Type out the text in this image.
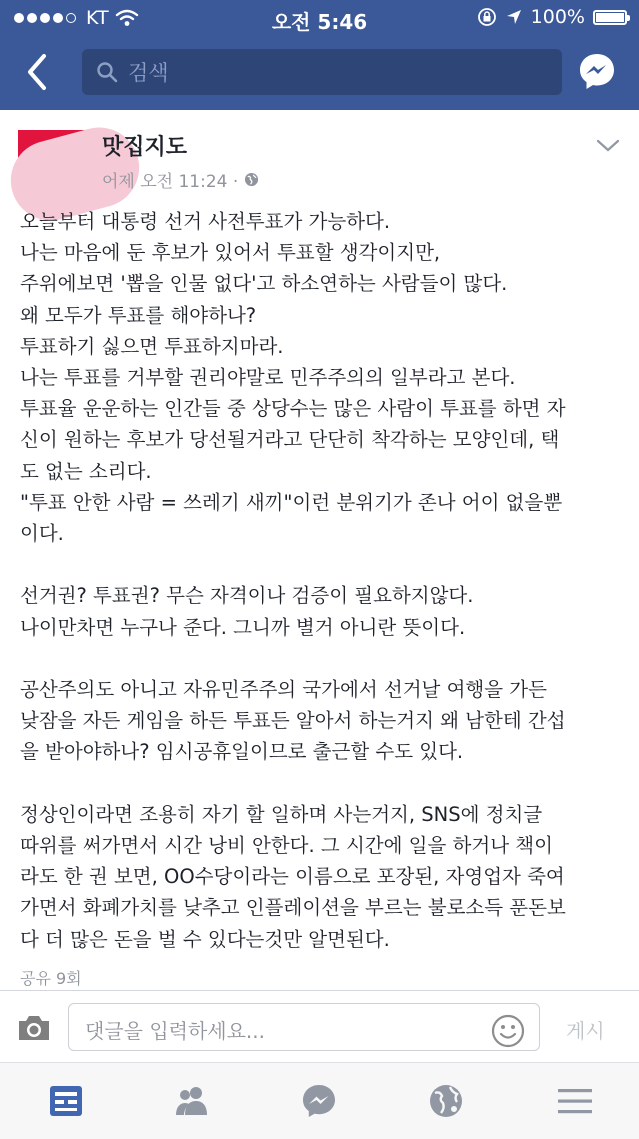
KT	오전 5:46	100%
검색
맛집지도
어제 오전 11:24 ·

오늘부터 대통령 선거 사전투표가 가능하다.

나는 마음에 둔 후보가 있어서 투표할 생각이지만,

주위에보면 '뽑을 인물 없다'고 하소연하는 사람들이 많다.

왜 모두가 투표를 해야하나?

투표하기 싫으면 투표하지마라.

나는 투표를 거부할 권리야말로 민주주의의 일부라고 본다.

투표율 운운하는 인간들 중 상당수는 많은 사람이 투표를 하면 자

신이 원하는 후보가 당선될거라고 단단히 착각하는 모양인데, 택

도 없는 소리다.

"투표 안한 사람 = 쓰레기 새끼"이런 분위기가 존나 어이 없을뿐

이다.

선거권? 투표권? 무슨 자격이나 검증이 필요하지않다.

나이만차면 누구나 준다. 그니까 별거 아니란 뜻이다.

공산주의도 아니고 자유민주주의 국가에서 선거날 여행을 가든

낮잠을 자든 게임을 하든 투표든 알아서 하는거지 왜 남한테 간섭

을 받아야하나? 임시공휴일이므로 출근할 수도 있다.

정상인이라면 조용히 자기 할 일하며 사는거지, SNS에 정치글

따위를 써가면서 시간 낭비 안한다. 그 시간에 일을 하거나 책이

라도 한 권 보면, OO수당이라는 이름으로 포장된, 자영업자 죽여

가면서 화폐가치를 낮추고 인플레이션을 부르는 불로소득 푼돈보

다 더 많은 돈을 벌 수 있다는것만 알면된다.

공유 9회
댓글을 입력하세요...	게시
